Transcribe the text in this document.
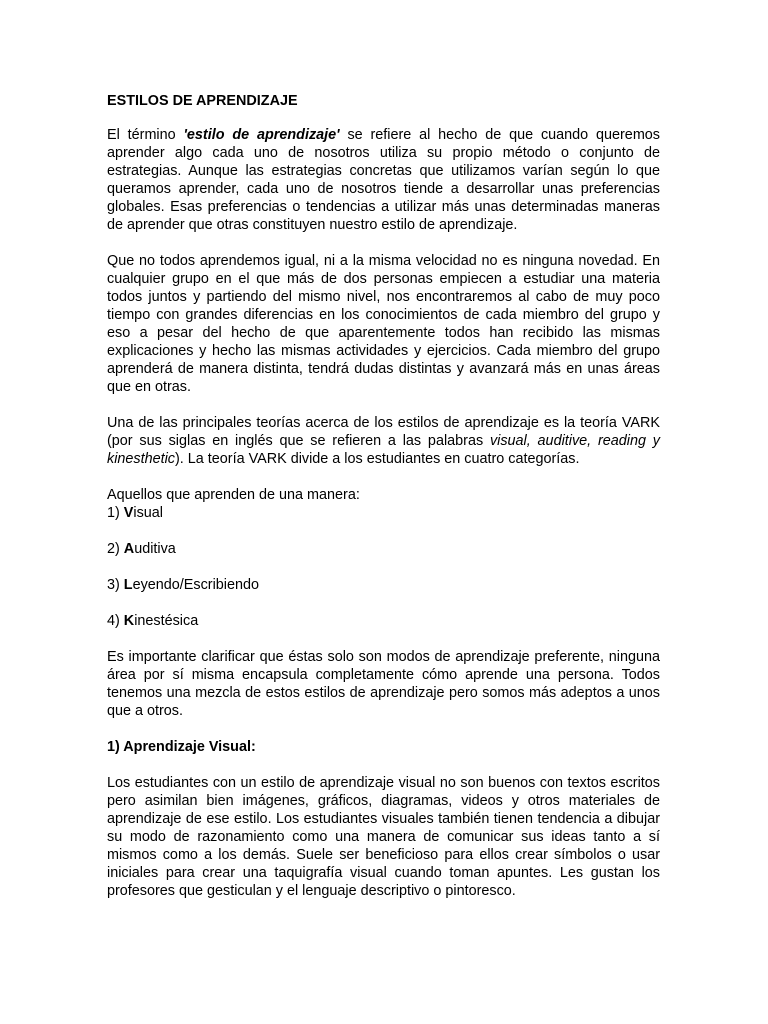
ESTILOS DE APRENDIZAJE

El término 'estilo de aprendizaje' se refiere al hecho de que cuando queremos aprender algo cada uno de nosotros utiliza su propio método o conjunto de estrategias. Aunque las estrategias concretas que utilizamos varían según lo que queramos aprender, cada uno de nosotros tiende a desarrollar unas preferencias globales. Esas preferencias o tendencias a utilizar más unas determinadas maneras de aprender que otras constituyen nuestro estilo de aprendizaje.

Que no todos aprendemos igual, ni a la misma velocidad no es ninguna novedad. En cualquier grupo en el que más de dos personas empiecen a estudiar una materia todos juntos y partiendo del mismo nivel, nos encontraremos al cabo de muy poco tiempo con grandes diferencias en los conocimientos de cada miembro del grupo y eso a pesar del hecho de que aparentemente todos han recibido las mismas explicaciones y hecho las mismas actividades y ejercicios. Cada miembro del grupo aprenderá de manera distinta, tendrá dudas distintas y avanzará más en unas áreas que en otras.

Una de las principales teorías acerca de los estilos de aprendizaje es la teoría VARK (por sus siglas en inglés que se refieren a las palabras visual, auditive, reading y kinesthetic). La teoría VARK divide a los estudiantes en cuatro categorías.

Aquellos que aprenden de una manera:

1) Visual
2) Auditiva
3) Leyendo/Escribiendo
4) Kinestésica

Es importante clarificar que éstas solo son modos de aprendizaje preferente, ninguna área por sí misma encapsula completamente cómo aprende una persona. Todos tenemos una mezcla de estos estilos de aprendizaje pero somos más adeptos a unos que a otros.

1) Aprendizaje Visual:

Los estudiantes con un estilo de aprendizaje visual no son buenos con textos escritos pero asimilan bien imágenes, gráficos, diagramas, videos y otros materiales de aprendizaje de ese estilo. Los estudiantes visuales también tienen tendencia a dibujar su modo de razonamiento como una manera de comunicar sus ideas tanto a sí mismos como a los demás. Suele ser beneficioso para ellos crear símbolos o usar iniciales para crear una taquigrafía visual cuando toman apuntes. Les gustan los profesores que gesticulan y el lenguaje descriptivo o pintoresco.
